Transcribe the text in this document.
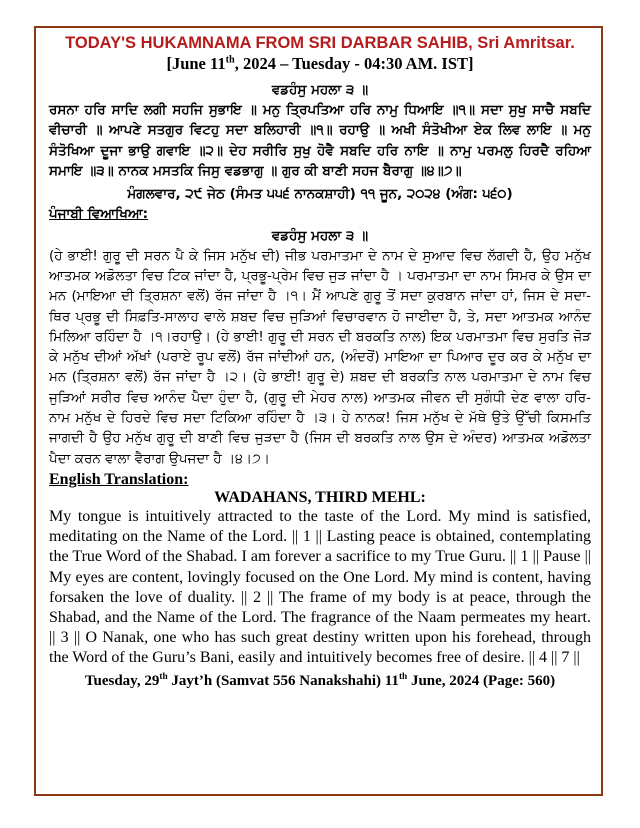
TODAY'S HUKAMNAMA FROM SRI DARBAR SAHIB, Sri Amritsar.
[June 11th, 2024 – Tuesday - 04:30 AM. IST]
ਵਡਹੰਸੁ ਮਹਲਾ ੩ ॥
ਰਸਨਾ ਹਰਿ ਸਾਦਿ ਲਗੀ ਸਹਜਿ ਸੁਭਾਇ ॥ ਮਨੁ ਤ੍ਰਿਪਤਿਆ ਹਰਿ ਨਾਮੁ ਧਿਆਇ ॥੧॥ ਸਦਾ ਸੁਖੁ ਸਾਚੈ ਸਬਦਿ ਵੀਚਾਰੀ ॥ ਆਪਣੇ ਸਤਗੁਰ ਵਿਟਹੁ ਸਦਾ ਬਲਿਹਾਰੀ ॥੧॥ ਰਹਾਉ ॥ ਅਖੀ ਸੰਤੋਖੀਆ ਏਕ ਲਿਵ ਲਾਇ ॥ ਮਨੁ ਸੰਤੋਖਿਆ ਦੂਜਾ ਭਾਉ ਗਵਾਇ ॥੨॥ ਦੇਹ ਸਰੀਰਿ ਸੁਖੁ ਹੋਵੈ ਸਬਦਿ ਹਰਿ ਨਾਇ ॥ ਨਾਮੁ ਪਰਮਲੁ ਹਿਰਦੈ ਰਹਿਆ ਸਮਾਇ ॥੩॥ ਨਾਨਕ ਮਸਤਕਿ ਜਿਸੁ ਵਡਭਾਗੁ ॥ ਗੁਰ ਕੀ ਬਾਣੀ ਸਹਜ ਬੈਰਾਗੁ ॥੪॥੭॥
ਮੰਗਲਵਾਰ, ੨੯ ਜੇਠ (ਸੰਮਤ ੫੫੬ ਨਾਨਕਸ਼ਾਹੀ) ੧੧ ਜੂਨ, ੨੦੨੪ (ਅੰਗ: ੫੬੦)
ਪੰਜਾਬੀ ਵਿਆਖਿਆ:
ਵਡਹੰਸੁ ਮਹਲਾ ੩ ॥
(ਹੇ ਭਾਈ! ਗੁਰੂ ਦੀ ਸਰਨ ਪੈ ਕੇ ਜਿਸ ਮਨੁੱਖ ਦੀ) ਜੀਭ ਪਰਮਾਤਮਾ ਦੇ ਨਾਮ ਦੇ ਸੁਆਦ ਵਿਚ ਲੱਗਦੀ ਹੈ, ਉਹ ਮਨੁੱਖ ਆਤਮਕ ਅਡੋਲਤਾ ਵਿਚ ਟਿਕ ਜਾਂਦਾ ਹੈ, ਪ੍ਰਭੂ-ਪ੍ਰੇਮ ਵਿਚ ਜੁੜ ਜਾਂਦਾ ਹੈ । ਪਰਮਾਤਮਾ ਦਾ ਨਾਮ ਸਿਮਰ ਕੇ ਉਸ ਦਾ ਮਨ (ਮਾਇਆ ਦੀ ਤ੍ਰਿਸ਼ਨਾ ਵਲੋਂ) ਰੱਜ ਜਾਂਦਾ ਹੈ ।੧। ਮੈਂ ਆਪਣੇ ਗੁਰੂ ਤੋਂ ਸਦਾ ਕੁਰਬਾਨ ਜਾਂਦਾ ਹਾਂ, ਜਿਸ ਦੇ ਸਦਾ-ਥਿਰ ਪ੍ਰਭੂ ਦੀ ਸਿਫ਼ਤਿ-ਸਾਲਾਹ ਵਾਲੇ ਸ਼ਬਦ ਵਿਚ ਜੁੜਿਆਂ ਵਿਚਾਰਵਾਨ ਹੋ ਜਾਈਦਾ ਹੈ, ਤੇ, ਸਦਾ ਆਤਮਕ ਆਨੰਦ ਮਿਲਿਆ ਰਹਿੰਦਾ ਹੈ ।੧।ਰਹਾਉ। (ਹੇ ਭਾਈ! ਗੁਰੂ ਦੀ ਸਰਨ ਦੀ ਬਰਕਤਿ ਨਾਲ) ਇਕ ਪਰਮਾਤਮਾ ਵਿਚ ਸੁਰਤਿ ਜੋੜ ਕੇ ਮਨੁੱਖ ਦੀਆਂ ਅੱਖਾਂ (ਪਰਾਏ ਰੂਪ ਵਲੋਂ) ਰੱਜ ਜਾਂਦੀਆਂ ਹਨ, (ਅੰਦਰੋਂ) ਮਾਇਆ ਦਾ ਪਿਆਰ ਦੂਰ ਕਰ ਕੇ ਮਨੁੱਖ ਦਾ ਮਨ (ਤ੍ਰਿਸ਼ਨਾ ਵਲੋਂ) ਰੱਜ ਜਾਂਦਾ ਹੈ ।੨। (ਹੇ ਭਾਈ! ਗੁਰੂ ਦੇ) ਸ਼ਬਦ ਦੀ ਬਰਕਤਿ ਨਾਲ ਪਰਮਾਤਮਾ ਦੇ ਨਾਮ ਵਿਚ ਜੁੜਿਆਂ ਸਰੀਰ ਵਿਚ ਆਨੰਦ ਪੈਦਾ ਹੁੰਦਾ ਹੈ, (ਗੁਰੂ ਦੀ ਮੇਹਰ ਨਾਲ) ਆਤਮਕ ਜੀਵਨ ਦੀ ਸੁਗੰਧੀ ਦੇਣ ਵਾਲਾ ਹਰਿ-ਨਾਮ ਮਨੁੱਖ ਦੇ ਹਿਰਦੇ ਵਿਚ ਸਦਾ ਟਿਕਿਆ ਰਹਿੰਦਾ ਹੈ ।੩। ਹੇ ਨਾਨਕ! ਜਿਸ ਮਨੁੱਖ ਦੇ ਮੱਥੇ ਉਤੇ ਉੱਚੀ ਕਿਸਮਤਿ ਜਾਗਦੀ ਹੈ ਉਹ ਮਨੁੱਖ ਗੁਰੂ ਦੀ ਬਾਣੀ ਵਿਚ ਜੁੜਦਾ ਹੈ (ਜਿਸ ਦੀ ਬਰਕਤਿ ਨਾਲ ਉਸ ਦੇ ਅੰਦਰ) ਆਤਮਕ ਅਡੋਲਤਾ ਪੈਦਾ ਕਰਨ ਵਾਲਾ ਵੈਰਾਗ ਉਪਜਦਾ ਹੈ ।੪।੭।
English Translation:
WADAHANS, THIRD MEHL:
My tongue is intuitively attracted to the taste of the Lord. My mind is satisfied, meditating on the Name of the Lord. || 1 || Lasting peace is obtained, contemplating the True Word of the Shabad. I am forever a sacrifice to my True Guru. || 1 || Pause || My eyes are content, lovingly focused on the One Lord. My mind is content, having forsaken the love of duality. || 2 || The frame of my body is at peace, through the Shabad, and the Name of the Lord. The fragrance of the Naam permeates my heart. || 3 || O Nanak, one who has such great destiny written upon his forehead, through the Word of the Guru’s Bani, easily and intuitively becomes free of desire. || 4 || 7 ||
Tuesday, 29th Jayt’h (Samvat 556 Nanakshahi) 11th June, 2024 (Page: 560)
